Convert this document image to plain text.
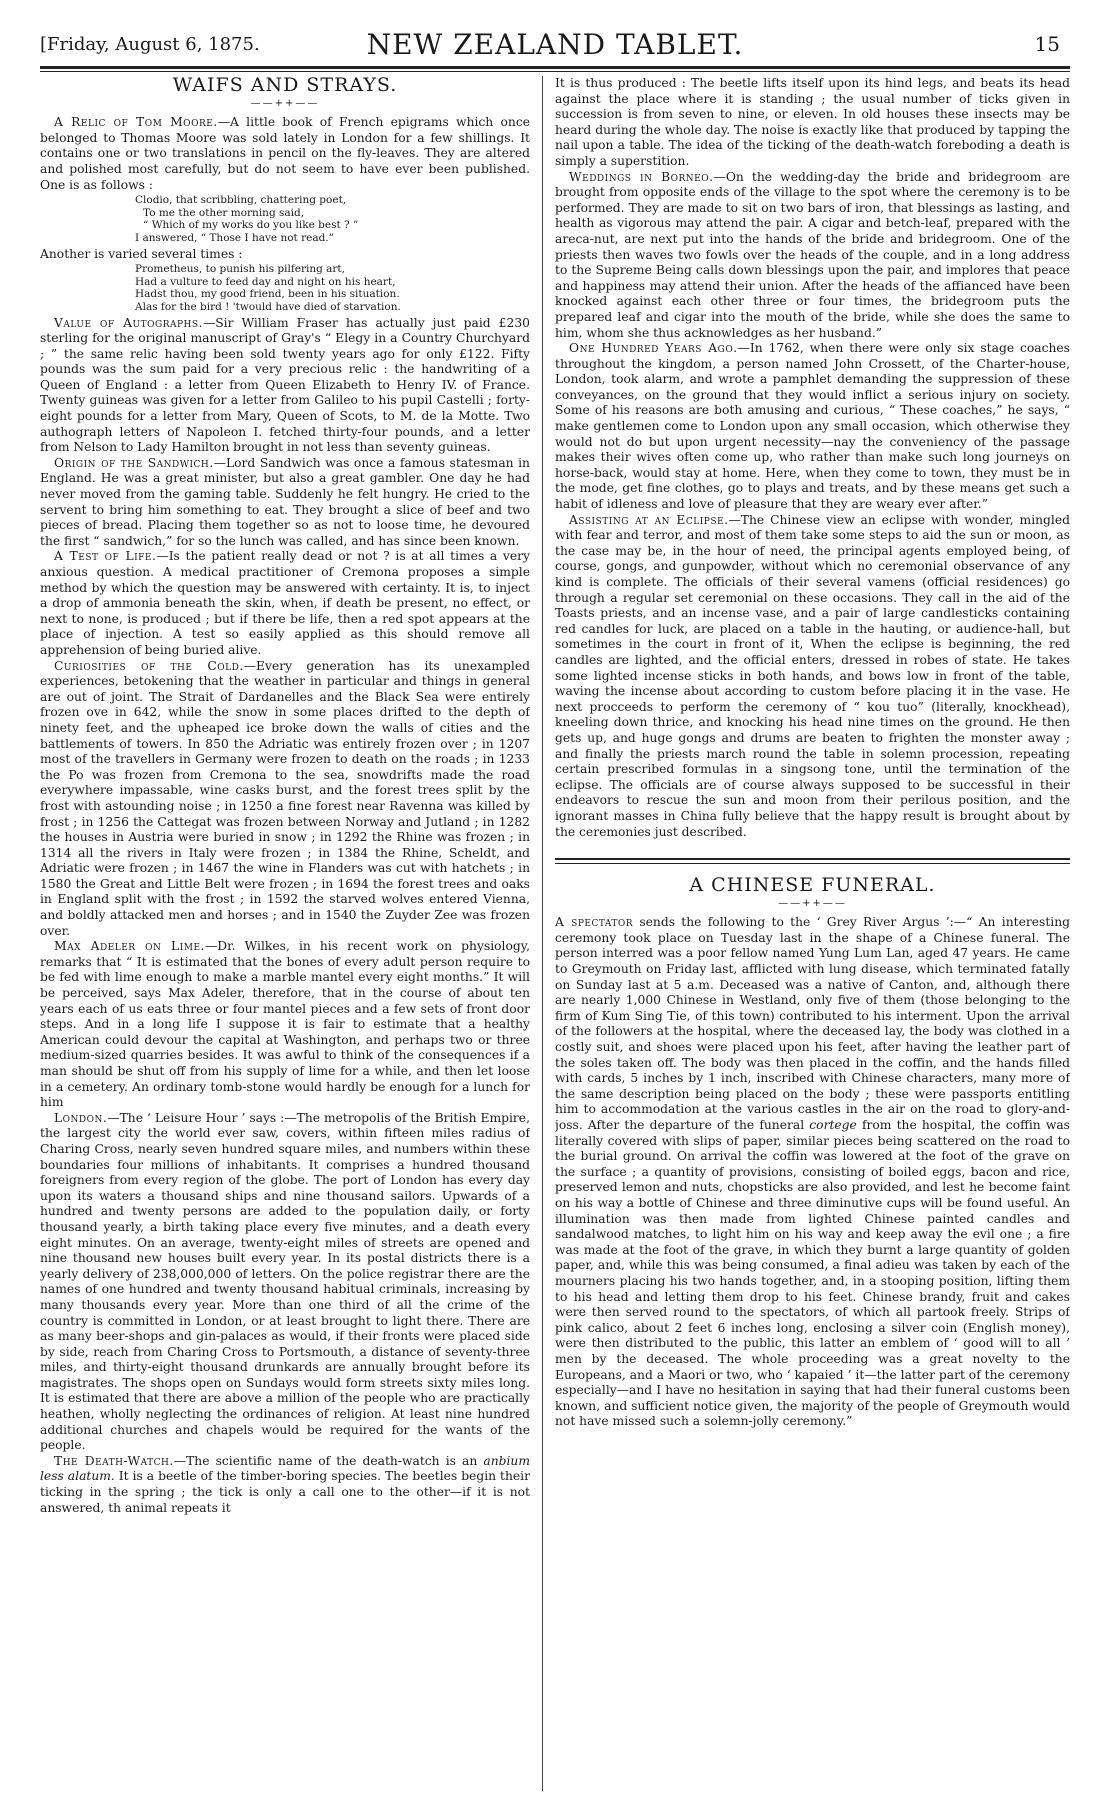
[Friday, August 6, 1875.	NEW ZEALAND TABLET.	15
WAIFS AND STRAYS.
——++——

A Relic of Tom Moore.—A little book of French epigrams which once belonged to Thomas Moore was sold lately in London for a few shillings. It contains one or two translations in pencil on the fly-leaves. They are altered and polished most carefully, but do not seem to have ever been published. One is as follows :

Clodio, that scribbling, chattering poet,
To me the other morning said,
“ Which of my works do you like best ? ”
I answered, “ Those I have not read.”

Another is varied several times :

Prometheus, to punish his pilfering art,
Had a vulture to feed day and night on his heart,
Hadst thou, my good friend, been in his situation.
Alas for the bird ! 'twould have died of starvation.

Value of Autographs.—Sir William Fraser has actually just paid £230 sterling for the original manuscript of Gray's “ Elegy in a Country Churchyard ; ” the same relic having been sold twenty years ago for only £122. Fifty pounds was the sum paid for a very precious relic : the handwriting of a Queen of England : a letter from Queen Elizabeth to Henry IV. of France. Twenty guineas was given for a letter from Galileo to his pupil Castelli ; forty-eight pounds for a letter from Mary, Queen of Scots, to M. de la Motte. Two authograph letters of Napoleon I. fetched thirty-four pounds, and a letter from Nelson to Lady Hamilton brought in not less than seventy guineas.

Origin of the Sandwich.—Lord Sandwich was once a famous statesman in England. He was a great minister, but also a great gambler. One day he had never moved from the gaming table. Suddenly he felt hungry. He cried to the servent to bring him something to eat. They brought a slice of beef and two pieces of bread. Placing them together so as not to loose time, he devoured the first “ sandwich,” for so the lunch was called, and has since been known.

A Test of Life.—Is the patient really dead or not ? is at all times a very anxious question. A medical practitioner of Cremona proposes a simple method by which the question may be answered with certainty. It is, to inject a drop of ammonia beneath the skin, when, if death be present, no effect, or next to none, is produced ; but if there be life, then a red spot appears at the place of injection. A test so easily applied as this should remove all apprehension of being buried alive.

Curiosities of the Cold.—Every generation has its unexampled experiences, betokening that the weather in particular and things in general are out of joint. The Strait of Dardanelles and the Black Sea were entirely frozen ove in 642, while the snow in some places drifted to the depth of ninety feet, and the upheaped ice broke down the walls of cities and the battlements of towers. In 850 the Adriatic was entirely frozen over ; in 1207 most of the travellers in Germany were frozen to death on the roads ; in 1233 the Po was frozen from Cremona to the sea, snowdrifts made the road everywhere impassable, wine casks burst, and the forest trees split by the frost with astounding noise ; in 1250 a fine forest near Ravenna was killed by frost ; in 1256 the Cattegat was frozen between Norway and Jutland ; in 1282 the houses in Austria were buried in snow ; in 1292 the Rhine was frozen ; in 1314 all the rivers in Italy were frozen ; in 1384 the Rhine, Scheldt, and Adriatic were frozen ; in 1467 the wine in Flanders was cut with hatchets ; in 1580 the Great and Little Belt were frozen ; in 1694 the forest trees and oaks in England split with the frost ; in 1592 the starved wolves entered Vienna, and boldly attacked men and horses ; and in 1540 the Zuyder Zee was frozen over.

Max Adeler on Lime.—Dr. Wilkes, in his recent work on physiology, remarks that “ It is estimated that the bones of every adult person require to be fed with lime enough to make a marble mantel every eight months.” It will be perceived, says Max Adeler, therefore, that in the course of about ten years each of us eats three or four mantel pieces and a few sets of front door steps. And in a long life I suppose it is fair to estimate that a healthy American could devour the capital at Washington, and perhaps two or three medium-sized quarries besides. It was awful to think of the consequences if a man should be shut off from his supply of lime for a while, and then let loose in a cemetery. An ordinary tomb-stone would hardly be enough for a lunch for him

London.—The ‘ Leisure Hour ’ says :—The metropolis of the British Empire, the largest city the world ever saw, covers, within fifteen miles radius of Charing Cross, nearly seven hundred square miles, and numbers within these boundaries four millions of inhabitants. It comprises a hundred thousand foreigners from every region of the globe. The port of London has every day upon its waters a thousand ships and nine thousand sailors. Upwards of a hundred and twenty persons are added to the population daily, or forty thousand yearly, a birth taking place every five minutes, and a death every eight minutes. On an average, twenty-eight miles of streets are opened and nine thousand new houses built every year. In its postal districts there is a yearly delivery of 238,000,000 of letters. On the police registrar there are the names of one hundred and twenty thousand habitual criminals, increasing by many thousands every year. More than one third of all the crime of the country is committed in London, or at least brought to light there. There are as many beer-shops and gin-palaces as would, if their fronts were placed side by side, reach from Charing Cross to Portsmouth, a distance of seventy-three miles, and thirty-eight thousand drunkards are annually brought before its magistrates. The shops open on Sundays would form streets sixty miles long. It is estimated that there are above a million of the people who are practically heathen, wholly neglecting the ordinances of religion. At least nine hundred additional churches and chapels would be required for the wants of the people.

The Death-Watch.—The scientific name of the death-watch is an anbium less alatum. It is a beetle of the timber-boring species. The beetles begin their ticking in the spring ; the tick is only a call one to the other—if it is not answered, th animal repeats it

It is thus produced : The beetle lifts itself upon its hind legs, and beats its head against the place where it is standing ; the usual number of ticks given in succession is from seven to nine, or eleven. In old houses these insects may be heard during the whole day. The noise is exactly like that produced by tapping the nail upon a table. The idea of the ticking of the death-watch foreboding a death is simply a superstition.

Weddings in Borneo.—On the wedding-day the bride and bridegroom are brought from opposite ends of the village to the spot where the ceremony is to be performed. They are made to sit on two bars of iron, that blessings as lasting, and health as vigorous may attend the pair. A cigar and betch-leaf, prepared with the areca-nut, are next put into the hands of the bride and bridegroom. One of the priests then waves two fowls over the heads of the couple, and in a long address to the Supreme Being calls down blessings upon the pair, and implores that peace and happiness may attend their union. After the heads of the affianced have been knocked against each other three or four times, the bridegroom puts the prepared leaf and cigar into the mouth of the bride, while she does the same to him, whom she thus acknowledges as her husband.”

One Hundred Years Ago.—In 1762, when there were only six stage coaches throughout the kingdom, a person named John Crossett, of the Charter-house, London, took alarm, and wrote a pamphlet demanding the suppression of these conveyances, on the ground that they would inflict a serious injury on society. Some of his reasons are both amusing and curious, “ These coaches,” he says, “ make gentlemen come to London upon any small occasion, which otherwise they would not do but upon urgent necessity—nay the conveniency of the passage makes their wives often come up, who rather than make such long journeys on horse-back, would stay at home. Here, when they come to town, they must be in the mode, get fine clothes, go to plays and treats, and by these means get such a habit of idleness and love of pleasure that they are weary ever after.”

Assisting at an Eclipse.—The Chinese view an eclipse with wonder, mingled with fear and terror, and most of them take some steps to aid the sun or moon, as the case may be, in the hour of need, the principal agents employed being, of course, gongs, and gunpowder, without which no ceremonial observance of any kind is complete. The officials of their several vamens (official residences) go through a regular set ceremonial on these occasions. They call in the aid of the Toasts priests, and an incense vase, and a pair of large candlesticks containing red candles for luck, are placed on a table in the hauting, or audience-hall, but sometimes in the court in front of it, When the eclipse is beginning, the red candles are lighted, and the official enters, dressed in robes of state. He takes some lighted incense sticks in both hands, and bows low in front of the table, waving the incense about according to custom before placing it in the vase. He next procceeds to perform the ceremony of “ kou tuo” (literally, knockhead), kneeling down thrice, and knocking his head nine times on the ground. He then gets up, and huge gongs and drums are beaten to frighten the monster away ; and finally the priests march round the table in solemn procession, repeating certain prescribed formulas in a singsong tone, until the termination of the eclipse. The officials are of course always supposed to be successful in their endeavors to rescue the sun and moon from their perilous position, and the ignorant masses in China fully believe that the happy result is brought about by the ceremonies just described.

A CHINESE FUNERAL.
——++——

A spectator sends the following to the ‘ Grey River Argus ’:—“ An interesting ceremony took place on Tuesday last in the shape of a Chinese funeral. The person interred was a poor fellow named Yung Lum Lan, aged 47 years. He came to Greymouth on Friday last, afflicted with lung disease, which terminated fatally on Sunday last at 5 a.m. Deceased was a native of Canton, and, although there are nearly 1,000 Chinese in Westland, only five of them (those belonging to the firm of Kum Sing Tie, of this town) contributed to his interment. Upon the arrival of the followers at the hospital, where the deceased lay, the body was clothed in a costly suit, and shoes were placed upon his feet, after having the leather part of the soles taken off. The body was then placed in the coffin, and the hands filled with cards, 5 inches by 1 inch, inscribed with Chinese characters, many more of the same description being placed on the body ; these were passports entitling him to accommodation at the various castles in the air on the road to glory-and-joss. After the departure of the funeral cortege from the hospital, the coffin was literally covered with slips of paper, similar pieces being scattered on the road to the burial ground. On arrival the coffin was lowered at the foot of the grave on the surface ; a quantity of provisions, consisting of boiled eggs, bacon and rice, preserved lemon and nuts, chopsticks are also provided, and lest he become faint on his way a bottle of Chinese and three diminutive cups will be found useful. An illumination was then made from lighted Chinese painted candles and sandalwood matches, to light him on his way and keep away the evil one ; a fire was made at the foot of the grave, in which they burnt a large quantity of golden paper, and, while this was being consumed, a final adieu was taken by each of the mourners placing his two hands together, and, in a stooping position, lifting them to his head and letting them drop to his feet. Chinese brandy, fruit and cakes were then served round to the spectators, of which all partook freely. Strips of pink calico, about 2 feet 6 inches long, enclosing a silver coin (English money), were then distributed to the public, this latter an emblem of ‘ good will to all ’ men by the deceased. The whole proceeding was a great novelty to the Europeans, and a Maori or two, who ‘ kapaied ’ it—the latter part of the ceremony especially—and I have no hesitation in saying that had their funeral customs been known, and sufficient notice given, the majority of the people of Greymouth would not have missed such a solemn-jolly ceremony.”
